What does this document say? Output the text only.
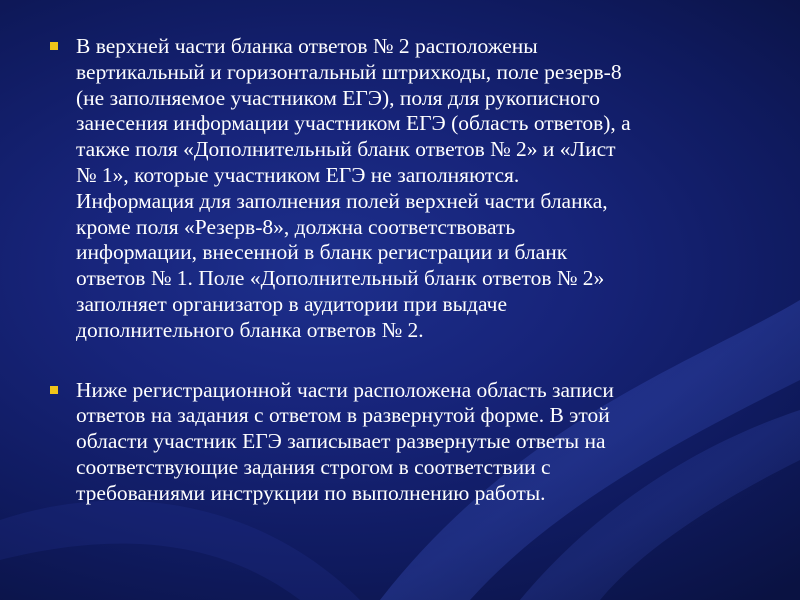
В верхней части бланка ответов № 2 расположены
вертикальный и горизонтальный штрихкоды, поле резерв-8
(не заполняемое участником ЕГЭ), поля для рукописного
занесения информации участником ЕГЭ (область ответов), а
также поля «Дополнительный бланк ответов № 2» и «Лист
№ 1», которые участником ЕГЭ не заполняются.
Информация для заполнения полей верхней части бланка,
кроме поля «Резерв-8», должна соответствовать
информации, внесенной в бланк регистрации и бланк
ответов № 1. Поле «Дополнительный бланк ответов № 2»
заполняет организатор в аудитории при выдаче
дополнительного бланка ответов № 2.

Ниже регистрационной части расположена область записи
ответов на задания с ответом в развернутой форме. В этой
области участник ЕГЭ записывает развернутые ответы на
соответствующие задания строгом в соответствии с
требованиями инструкции по выполнению работы.
